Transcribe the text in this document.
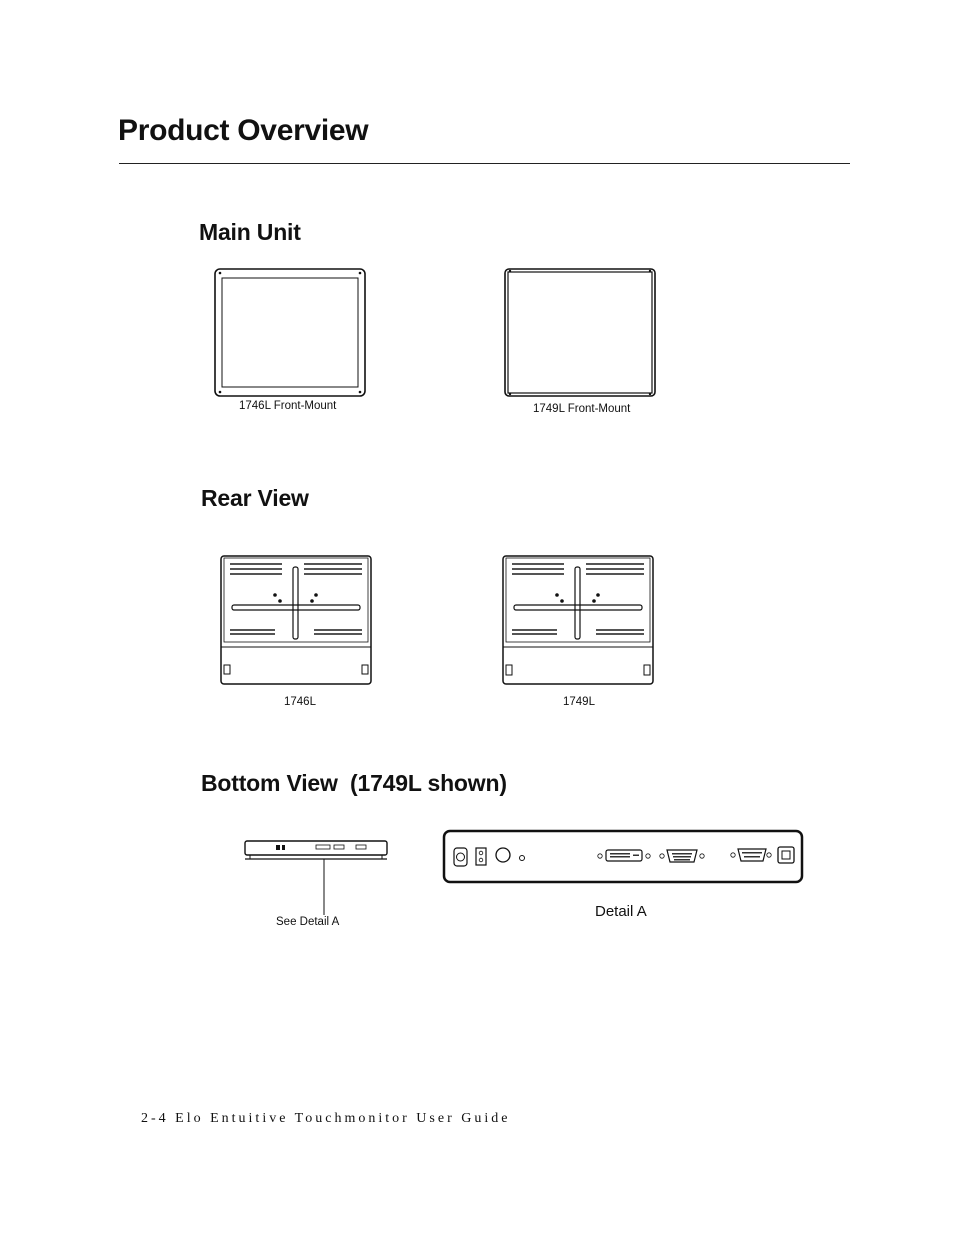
Product Overview
Main Unit
1746L Front-Mount	1749L Front-Mount
Rear View
1746L	1749L
Bottom View  (1749L shown)
See Detail A
Detail A
2-4 Elo Entuitive Touchmonitor User Guide
